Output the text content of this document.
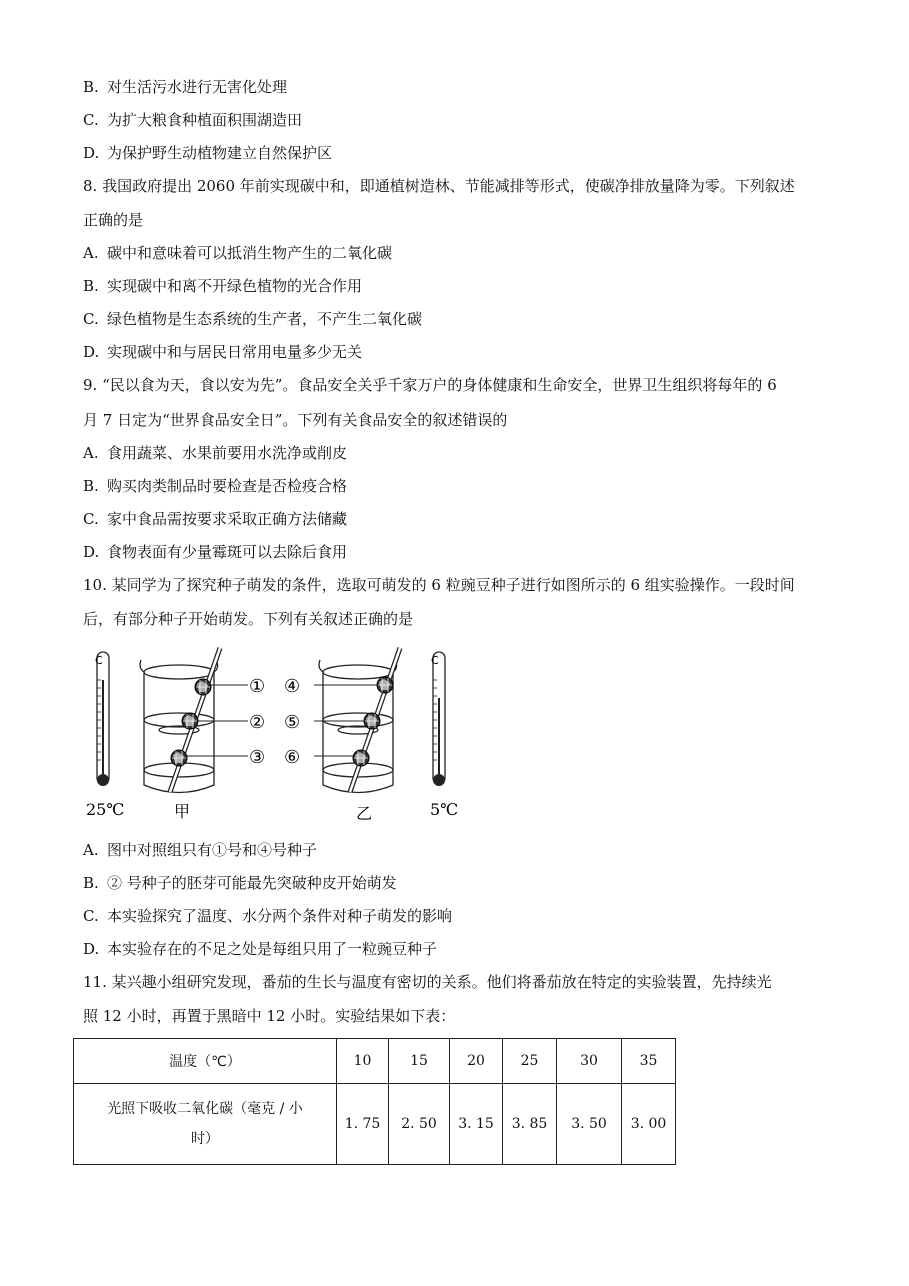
B. 对生活污水进行无害化处理
C. 为扩大粮食种植面积围湖造田
D. 为保护野生动植物建立自然保护区
8. 我国政府提出 2060 年前实现碳中和，即通植树造林、节能减排等形式，使碳净排放量降为零。下列叙述
正确的是
A. 碳中和意味着可以抵消生物产生的二氧化碳
B. 实现碳中和离不开绿色植物的光合作用
C. 绿色植物是生态系统的生产者，不产生二氧化碳
D. 实现碳中和与居民日常用电量多少无关
9. “民以食为天，食以安为先”。食品安全关乎千家万户的身体健康和生命安全，世界卫生组织将每年的 6
月 7 日定为“世界食品安全日”。下列有关食品安全的叙述错误的
A. 食用蔬菜、水果前要用水洗净或削皮
B. 购买肉类制品时要检查是否检疫合格
C. 家中食品需按要求采取正确方法储藏
D. 食物表面有少量霉斑可以去除后食用
10. 某同学为了探究种子萌发的条件，选取可萌发的 6 粒豌豆种子进行如图所示的 6 组实验操作。一段时间
后，有部分种子开始萌发。下列有关叙述正确的是
C
①
②
③
④
⑤
⑥
C
25℃	甲	乙	5℃
A. 图中对照组只有①号和④号种子
B. ② 号种子的胚芽可能最先突破种皮开始萌发
C. 本实验探究了温度、水分两个条件对种子萌发的影响
D. 本实验存在的不足之处是每组只用了一粒豌豆种子
11. 某兴趣小组研究发现，番茄的生长与温度有密切的关系。他们将番茄放在特定的实验装置，先持续光
照 12 小时，再置于黑暗中 12 小时。实验结果如下表：
温度（℃）	10	15	20	25	30	35

光照下吸收二氧化碳（毫克 / 小
时）	1. 75	2. 50	3. 15	3. 85	3. 50	3. 00
